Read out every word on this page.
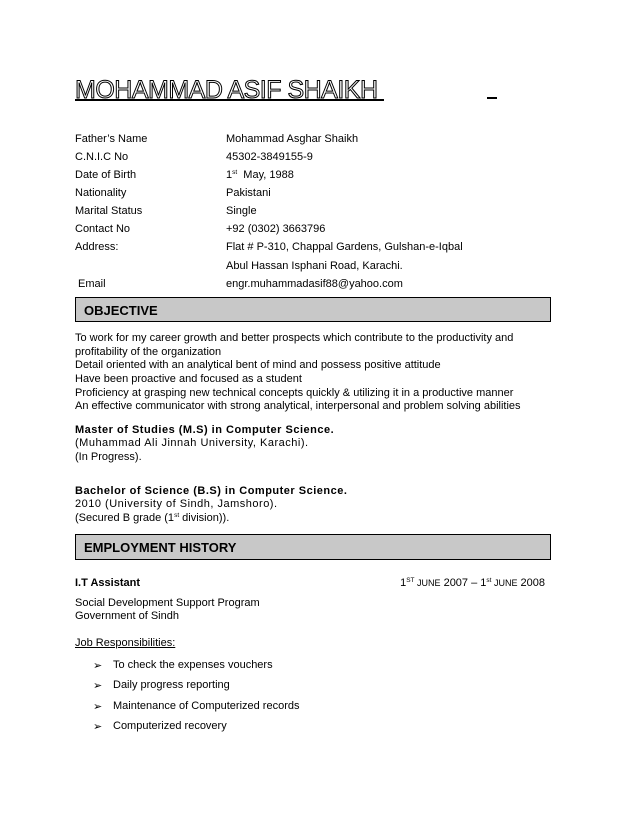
MOHAMMAD ASIF SHAIKH
Father’s Name	Mohammad Asghar Shaikh
C.N.I.C No	45302-3849155-9
Date of Birth	1st  May, 1988
Nationality	Pakistani
Marital Status	Single
Contact No	+92 (0302) 3663796
Address:	Flat # P-310, Chappal Gardens, Gulshan-e-Iqbal
Abul Hassan Isphani Road, Karachi.
Email	engr.muhammadasif88@yahoo.com
OBJECTIVE
To work for my career growth and better prospects which contribute to the productivity and
profitability of the organization
Detail oriented with an analytical bent of mind and possess positive attitude
Have been proactive and focused as a student
Proficiency at grasping new technical concepts quickly & utilizing it in a productive manner
An effective communicator with strong analytical, interpersonal and problem solving abilities
Master of Studies (M.S) in Computer Science.
(Muhammad Ali Jinnah University, Karachi).
(In Progress).
Bachelor of Science (B.S) in Computer Science.
2010 (University of Sindh, Jamshoro).
(Secured B grade (1st division)).
EMPLOYMENT HISTORY
I.T Assistant	1ST JUNE 2007 – 1st JUNE 2008
Social Development Support Program
Government of Sindh
Job Responsibilities:
➢ To check the expenses vouchers
➢ Daily progress reporting
➢ Maintenance of Computerized records
➢ Computerized recovery
